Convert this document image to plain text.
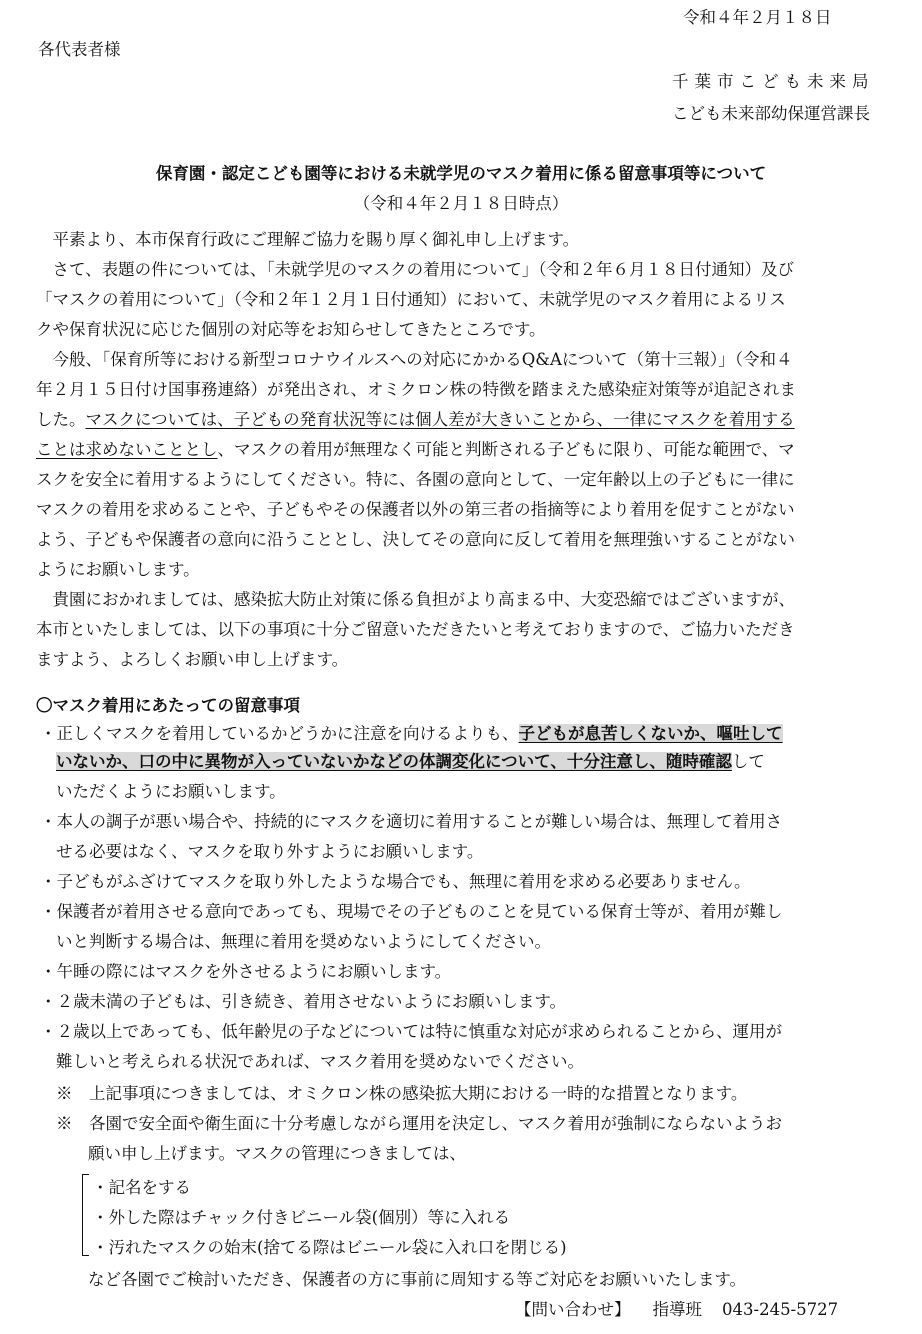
令和４年２月１８日
各代表者様
千葉市こども未来局
こども未来部幼保運営課長
保育園・認定こども園等における未就学児のマスク着用に係る留意事項等について
（令和４年２月１８日時点）
　平素より、本市保育行政にご理解ご協力を賜り厚く御礼申し上げます。
　さて、表題の件については、「未就学児のマスクの着用について」（令和２年６月１８日付通知）及び
「マスクの着用について」（令和２年１２月１日付通知）において、未就学児のマスク着用によるリス
クや保育状況に応じた個別の対応等をお知らせしてきたところです。
　今般、「保育所等における新型コロナウイルスへの対応にかかるQ&Aについて（第十三報）」（令和４
年２月１５日付け国事務連絡）が発出され、オミクロン株の特徴を踏まえた感染症対策等が追記されま
した。マスクについては、子どもの発育状況等には個人差が大きいことから、一律にマスクを着用する
ことは求めないこととし、マスクの着用が無理なく可能と判断される子どもに限り、可能な範囲で、マ
スクを安全に着用するようにしてください。特に、各園の意向として、一定年齢以上の子どもに一律に
マスクの着用を求めることや、子どもやその保護者以外の第三者の指摘等により着用を促すことがない
よう、子どもや保護者の意向に沿うこととし、決してその意向に反して着用を無理強いすることがない
ようにお願いします。
　貴園におかれましては、感染拡大防止対策に係る負担がより高まる中、大変恐縮ではございますが、
本市といたしましては、以下の事項に十分ご留意いただきたいと考えておりますので、ご協力いただき
ますよう、よろしくお願い申し上げます。
〇マスク着用にあたっての留意事項
・正しくマスクを着用しているかどうかに注意を向けるよりも、子どもが息苦しくないか、嘔吐して
いないか、口の中に異物が入っていないかなどの体調変化について、十分注意し、随時確認して
いただくようにお願いします。
・本人の調子が悪い場合や、持続的にマスクを適切に着用することが難しい場合は、無理して着用さ
せる必要はなく、マスクを取り外すようにお願いします。
・子どもがふざけてマスクを取り外したような場合でも、無理に着用を求める必要ありません。
・保護者が着用させる意向であっても、現場でその子どものことを見ている保育士等が、着用が難し
いと判断する場合は、無理に着用を奨めないようにしてください。
・午睡の際にはマスクを外させるようにお願いします。
・２歳未満の子どもは、引き続き、着用させないようにお願いします。
・２歳以上であっても、低年齢児の子などについては特に慎重な対応が求められることから、運用が
難しいと考えられる状況であれば、マスク着用を奨めないでください。
※　上記事項につきましては、オミクロン株の感染拡大期における一時的な措置となります。
※　各園で安全面や衛生面に十分考慮しながら運用を決定し、マスク着用が強制にならないようお
願い申し上げます。マスクの管理につきましては、
・記名をする
・外した際はチャック付きビニール袋(個別）等に入れる
・汚れたマスクの始末(捨てる際はビニール袋に入れ口を閉じる)
など各園でご検討いただき、保護者の方に事前に周知する等ご対応をお願いいたします。
【問い合わせ】 指導班 043-245-5727
